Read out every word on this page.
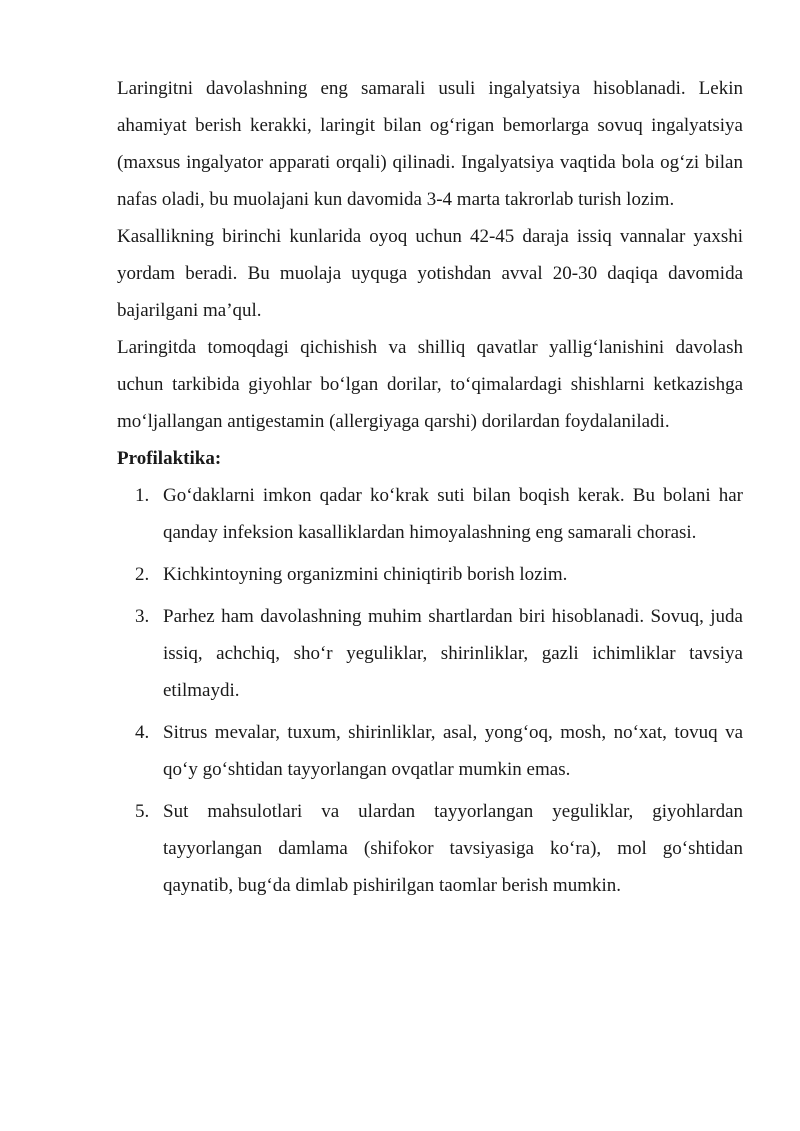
Laringitni davolashning eng samarali usuli ingalyatsiya hisoblanadi. Lekin ahamiyat berish kerakki, laringit bilan og‘rigan bemorlarga sovuq ingalyatsiya (maxsus ingalyator apparati orqali) qilinadi. Ingalyatsiya vaqtida bola og‘zi bilan nafas oladi, bu muolajani kun davomida 3-4 marta takrorlab turish lozim.

Kasallikning birinchi kunlarida oyoq uchun 42-45 daraja issiq vannalar yaxshi yordam beradi. Bu muolaja uyquga yotishdan avval 20-30 daqiqa davomida bajarilgani ma’qul.

Laringitda tomoqdagi qichishish va shilliq qavatlar yallig‘lanishini davolash uchun tarkibida giyohlar bo‘lgan dorilar, to‘qimalardagi shishlarni ketkazishga mo‘ljallangan antigestamin (allergiyaga qarshi) dorilardan foydalaniladi.

Profilaktika:

1. Go‘daklarni imkon qadar ko‘krak suti bilan boqish kerak. Bu bolani har qanday infeksion kasalliklardan himoyalashning eng samarali chorasi.
2. Kichkintoyning organizmini chiniqtirib borish lozim.
3. Parhez ham davolashning muhim shartlardan biri hisoblanadi. Sovuq, juda issiq, achchiq, sho‘r yeguliklar, shirinliklar, gazli ichimliklar tavsiya etilmaydi.
4. Sitrus mevalar, tuxum, shirinliklar, asal, yong‘oq, mosh, no‘xat, tovuq va qo‘y go‘shtidan tayyorlangan ovqatlar mumkin emas.
5. Sut mahsulotlari va ulardan tayyorlangan yeguliklar, giyohlardan tayyorlangan damlama (shifokor tavsiyasiga ko‘ra), mol go‘shtidan qaynatib, bug‘da dimlab pishirilgan taomlar berish mumkin.
